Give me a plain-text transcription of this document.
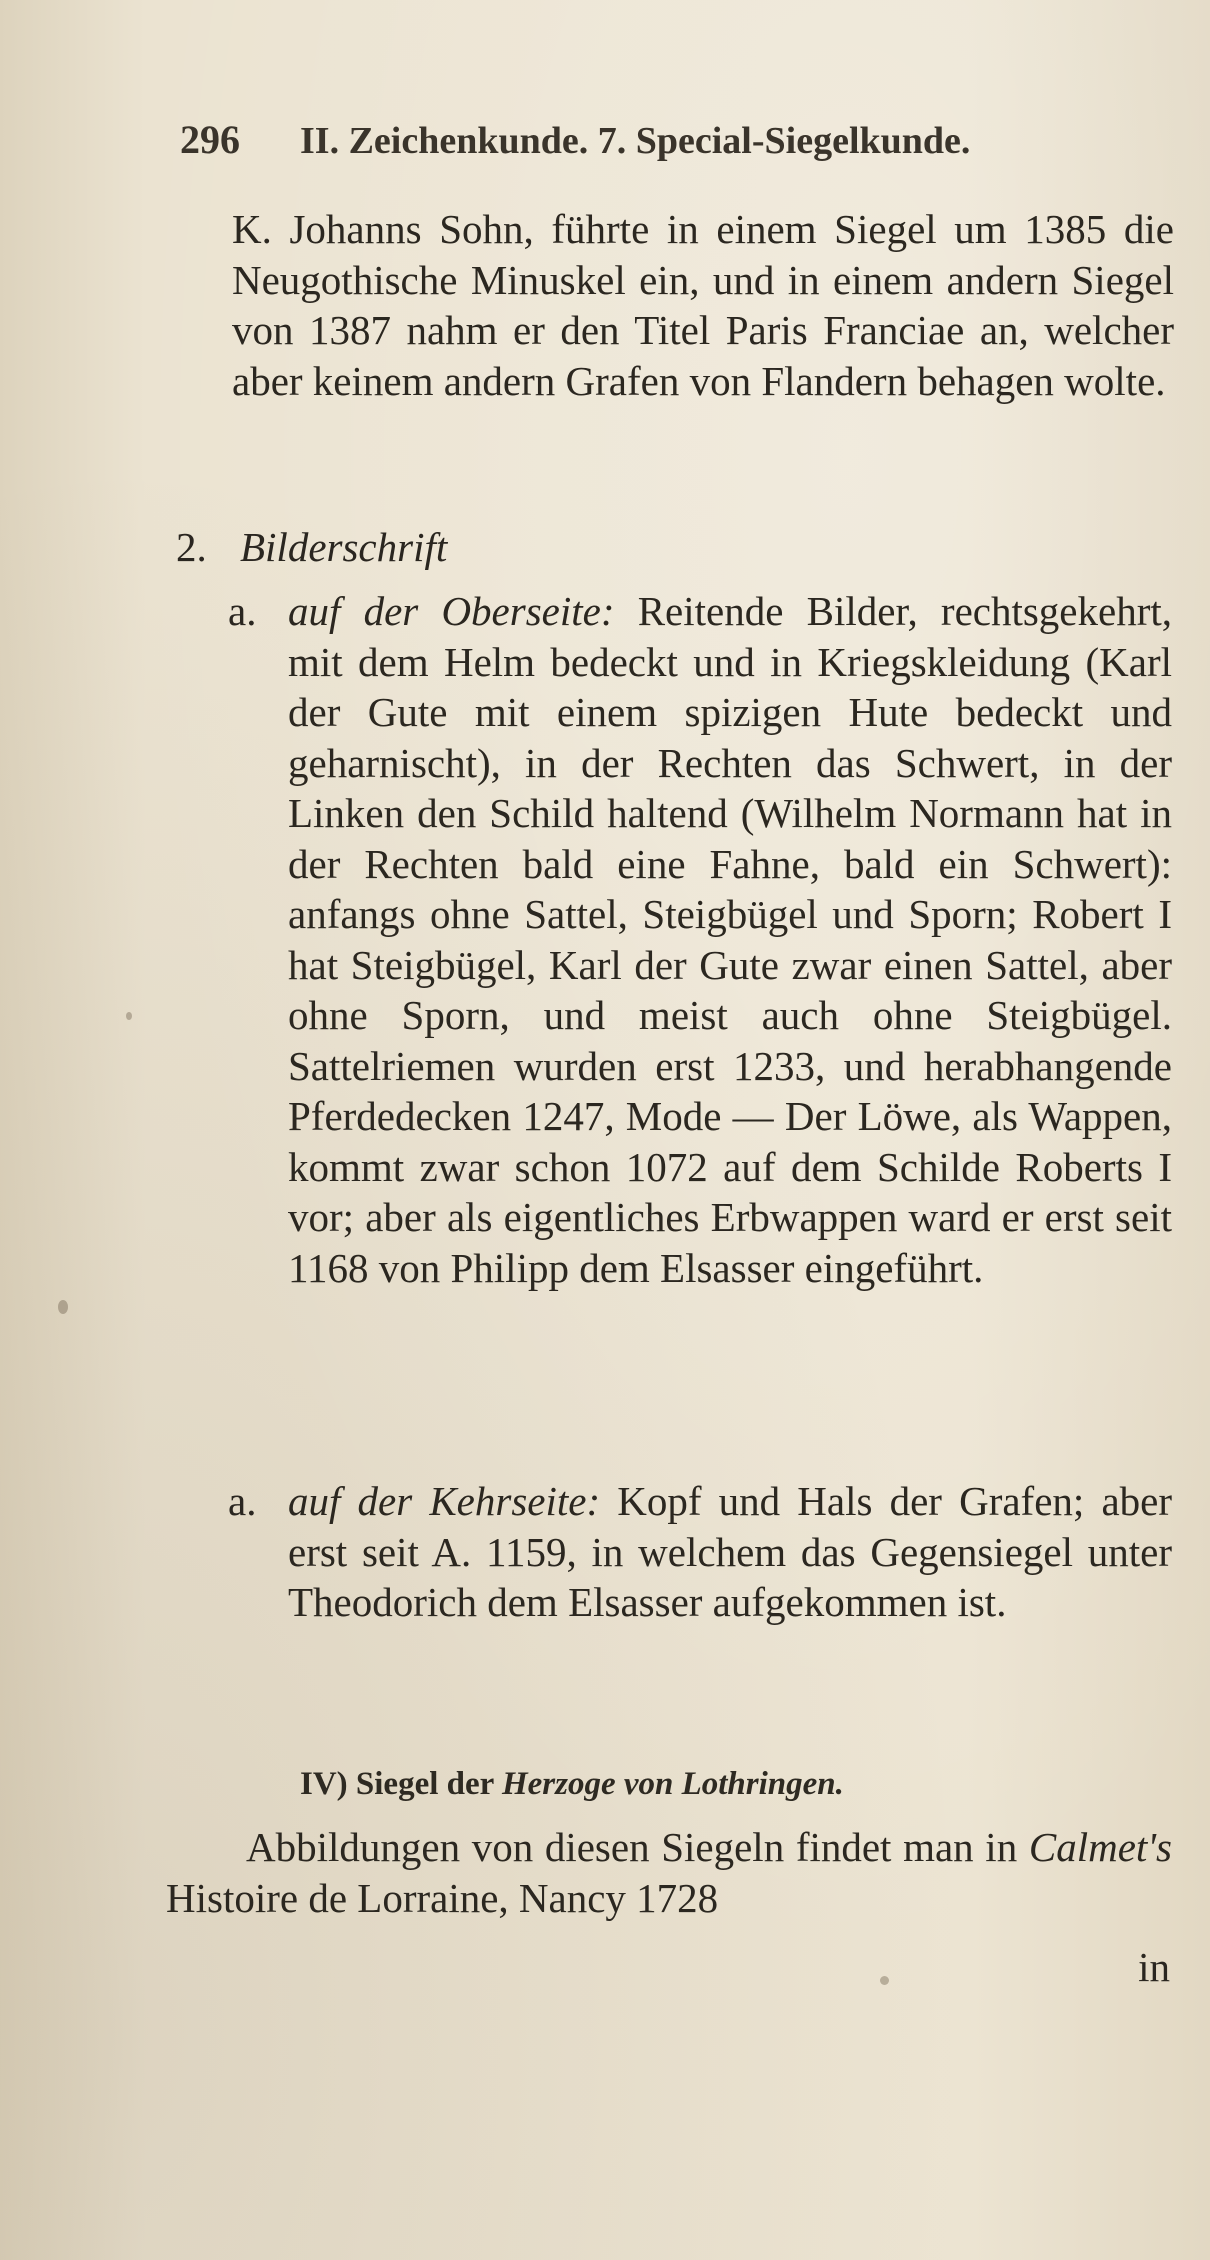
296 II. Zeichenkunde. 7. Special-Siegelkunde.
K. Johanns Sohn, führte in einem Siegel um 1385 die Neugothische Minuskel ein, und in einem andern Siegel von 1387 nahm er den Titel Paris Franciae an, welcher aber keinem andern Grafen von Flandern behagen wolte.
2. Bilderschrift
a. auf der Oberseite: Reitende Bilder, rechtsgekehrt, mit dem Helm bedeckt und in Kriegskleidung (Karl der Gute mit einem spizigen Hute bedeckt und geharnischt), in der Rechten das Schwert, in der Linken den Schild haltend (Wilhelm Normann hat in der Rechten bald eine Fahne, bald ein Schwert): anfangs ohne Sattel, Steigbügel und Sporn; Robert I hat Steigbügel, Karl der Gute zwar einen Sattel, aber ohne Sporn, und meist auch ohne Steigbügel. Sattelriemen wurden erst 1233, und herabhangende Pferdedecken 1247, Mode — Der Löwe, als Wappen, kommt zwar schon 1072 auf dem Schilde Roberts I vor; aber als eigentliches Erbwappen ward er erst seit 1168 von Philipp dem Elsasser eingeführt.
a. auf der Kehrseite: Kopf und Hals der Grafen; aber erst seit A. 1159, in welchem das Gegensiegel unter Theodorich dem Elsasser aufgekommen ist.
IV) Siegel der Herzoge von Lothringen.
Abbildungen von diesen Siegeln findet man in Calmet's Histoire de Lorraine, Nancy 1728
in
